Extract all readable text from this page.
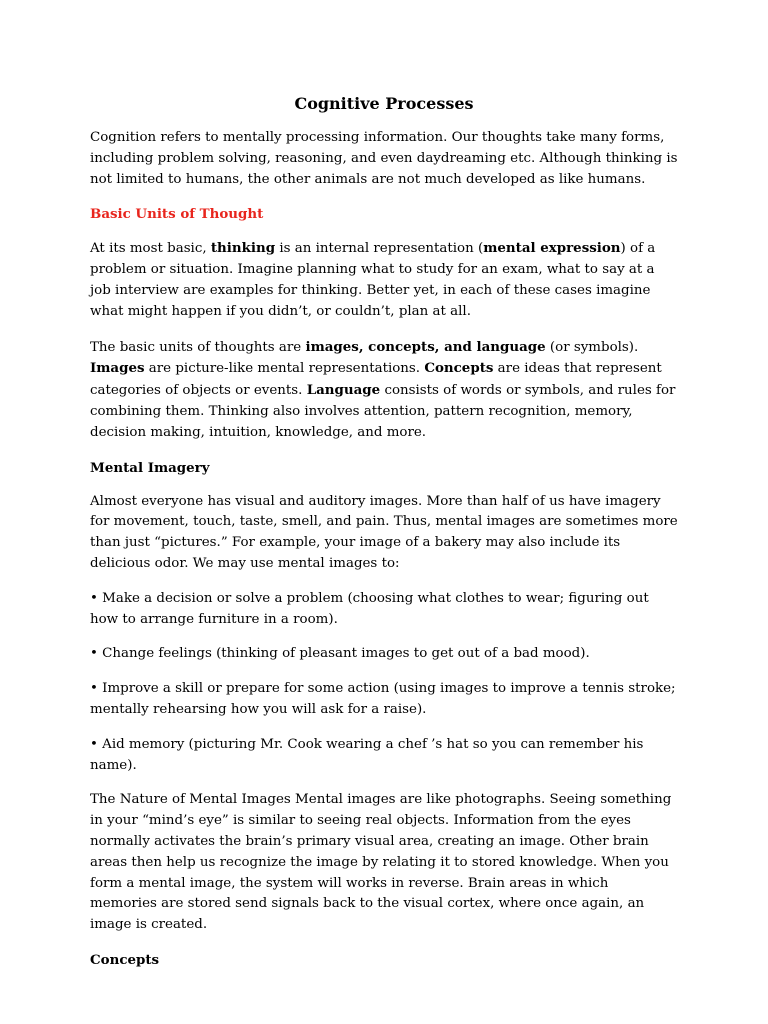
Cognitive Processes

Cognition refers to mentally processing information. Our thoughts take many forms, including problem solving, reasoning, and even daydreaming etc. Although thinking is not limited to humans, the other animals are not much developed as like humans.

Basic Units of Thought

At its most basic, thinking is an internal representation (mental expression) of a problem or situation. Imagine planning what to study for an exam, what to say at a job interview are examples for thinking. Better yet, in each of these cases imagine what might happen if you didn’t, or couldn’t, plan at all.

The basic units of thoughts are images, concepts, and language (or symbols). Images are picture-like mental representations. Concepts are ideas that represent categories of objects or events. Language consists of words or symbols, and rules for combining them. Thinking also involves attention, pattern recognition, memory, decision making, intuition, knowledge, and more.

Mental Imagery

Almost everyone has visual and auditory images. More than half of us have imagery for movement, touch, taste, smell, and pain. Thus, mental images are sometimes more than just “pictures.” For example, your image of a bakery may also include its delicious odor. We may use mental images to:

• Make a decision or solve a problem (choosing what clothes to wear; figuring out how to arrange furniture in a room).

• Change feelings (thinking of pleasant images to get out of a bad mood).

• Improve a skill or prepare for some action (using images to improve a tennis stroke; mentally rehearsing how you will ask for a raise).

• Aid memory (picturing Mr. Cook wearing a chef ’s hat so you can remember his name).

The Nature of Mental Images Mental images are like photographs. Seeing something in your “mind’s eye” is similar to seeing real objects. Information from the eyes normally activates the brain’s primary visual area, creating an image. Other brain areas then help us recognize the image by relating it to stored knowledge. When you form a mental image, the system will works in reverse. Brain areas in which memories are stored send signals back to the visual cortex, where once again, an image is created.

Concepts
